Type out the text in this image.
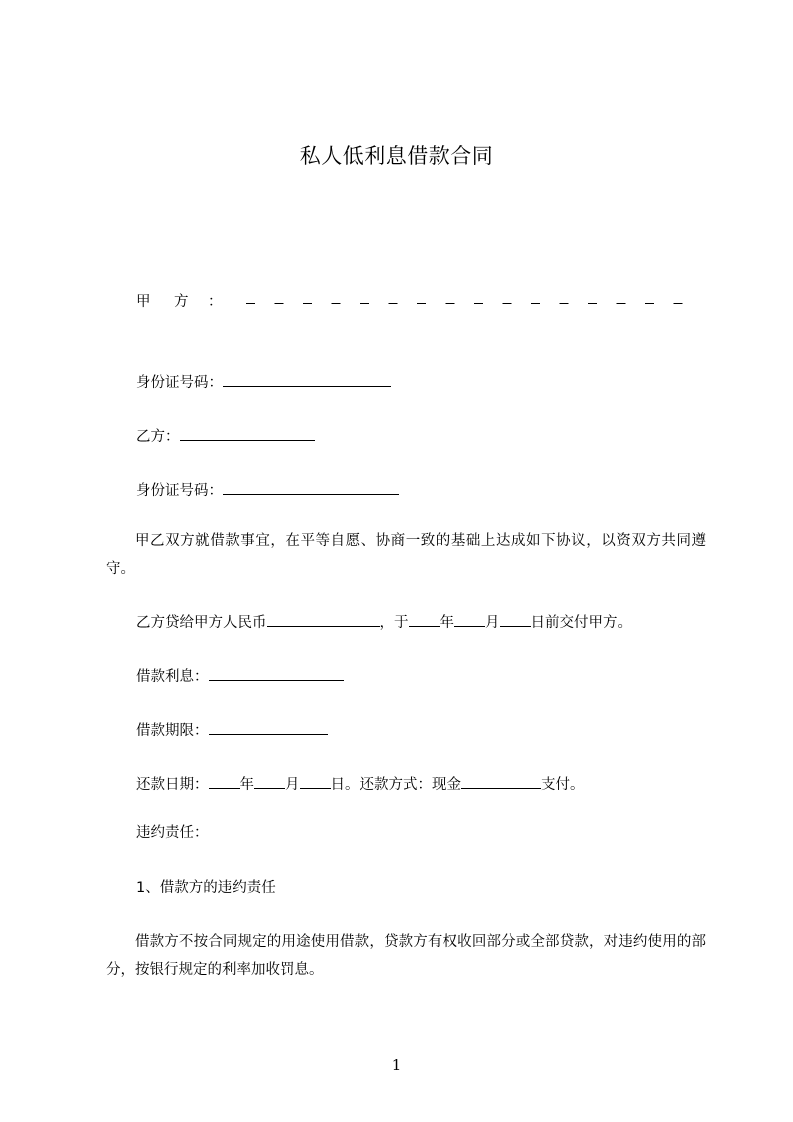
私人低利息借款合同
甲 方 ：
身份证号码：
乙方：
身份证号码：
甲乙双方就借款事宜，在平等自愿、协商一致的基础上达成如下协议，以资双方共同遵守。
乙方贷给甲方人民币	，于 年 月 日前交付甲方。
借款利息：
借款期限：
还款日期： 年 月 日。还款方式：现金	支付。
违约责任：
1、借款方的违约责任
借款方不按合同规定的用途使用借款，贷款方有权收回部分或全部贷款，对违约使用的部分，按银行规定的利率加收罚息。
1
